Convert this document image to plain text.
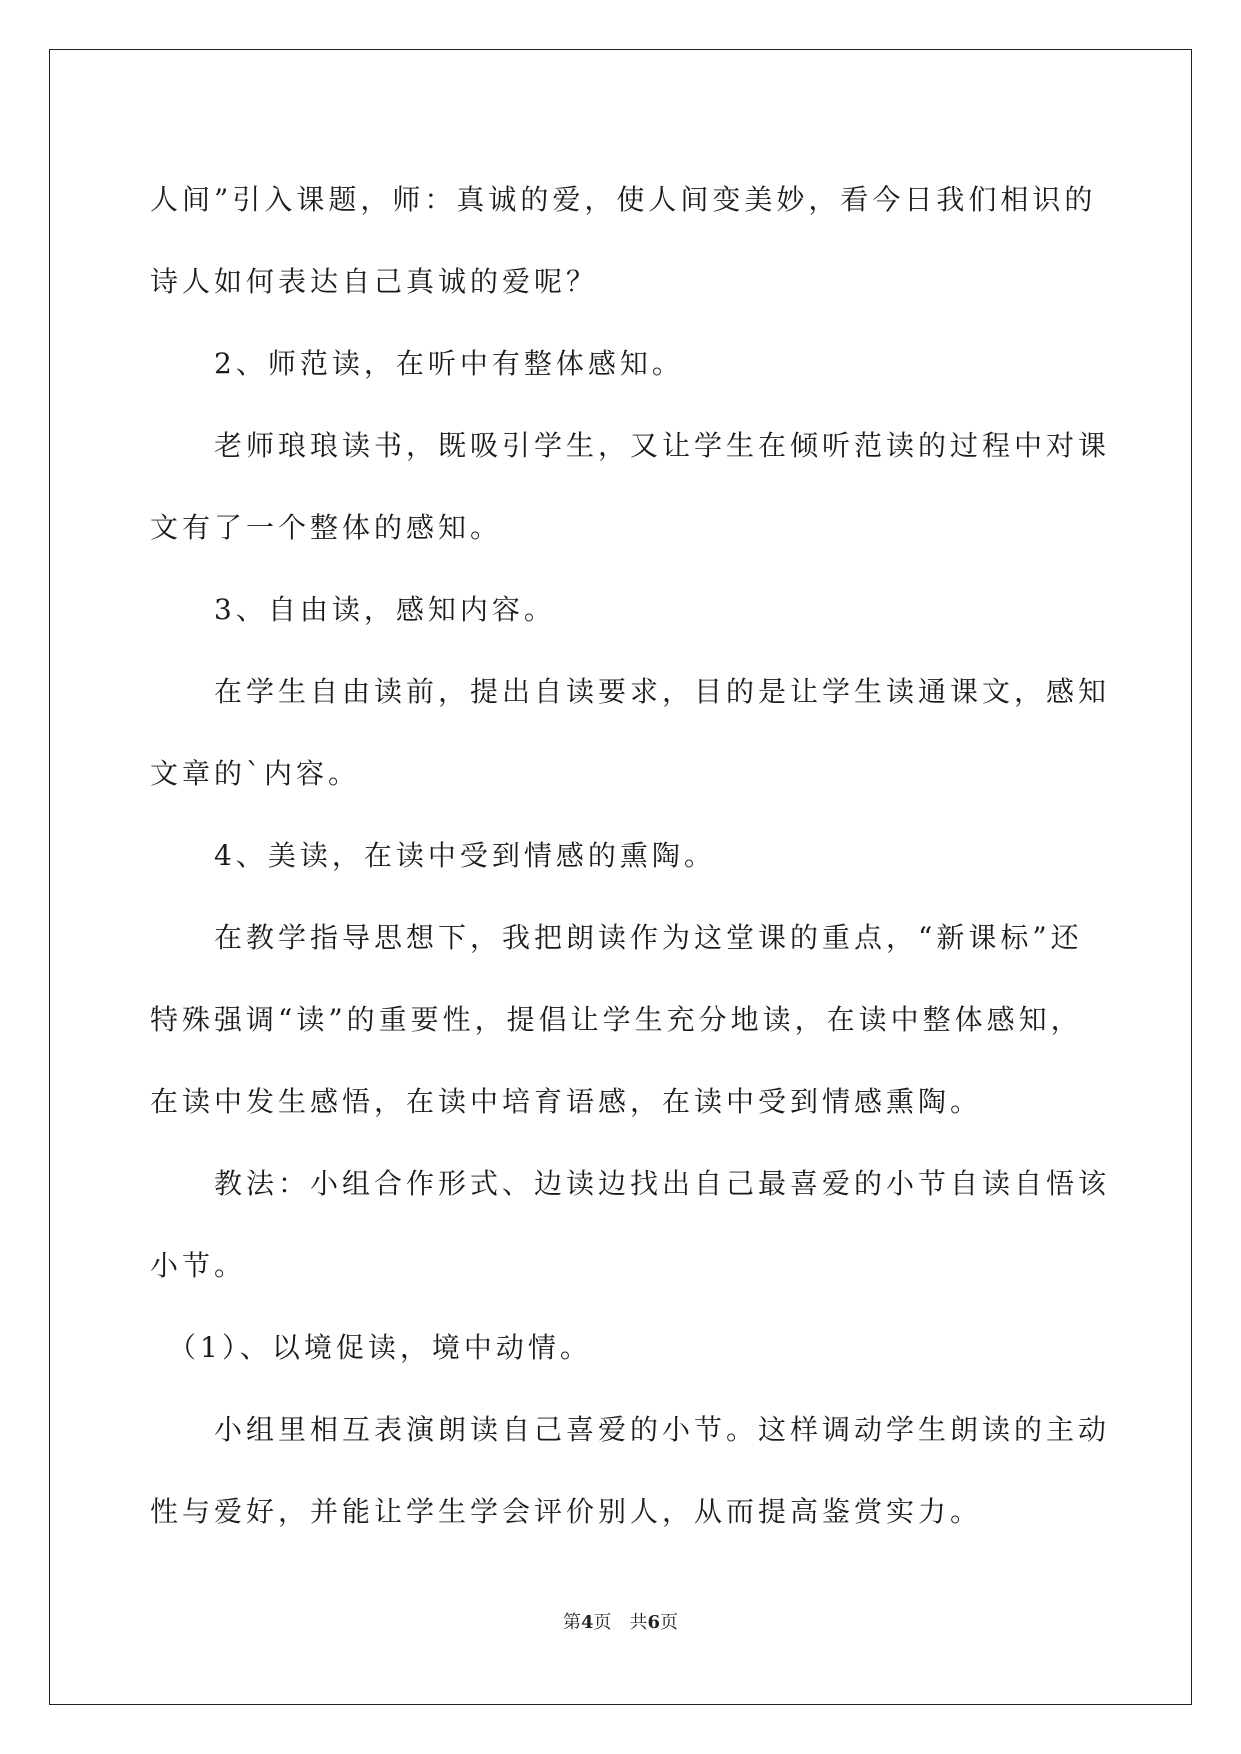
人间”引入课题，师：真诚的爱，使人间变美妙，看今日我们相识的

诗人如何表达自己真诚的爱呢？

　　2、师范读，在听中有整体感知。

　　老师琅琅读书，既吸引学生，又让学生在倾听范读的过程中对课

文有了一个整体的感知。

　　3、自由读，感知内容。

　　在学生自由读前，提出自读要求，目的是让学生读通课文，感知

文章的`内容。

　　4、美读，在读中受到情感的熏陶。

　　在教学指导思想下，我把朗读作为这堂课的重点，“新课标”还

特殊强调“读”的重要性，提倡让学生充分地读，在读中整体感知，

在读中发生感悟，在读中培育语感，在读中受到情感熏陶。

　　教法：小组合作形式、边读边找出自己最喜爱的小节自读自悟该

小节。

　（1）、以境促读，境中动情。

　　小组里相互表演朗读自己喜爱的小节。这样调动学生朗读的主动

性与爱好，并能让学生学会评价别人，从而提高鉴赏实力。

第4页　共6页
